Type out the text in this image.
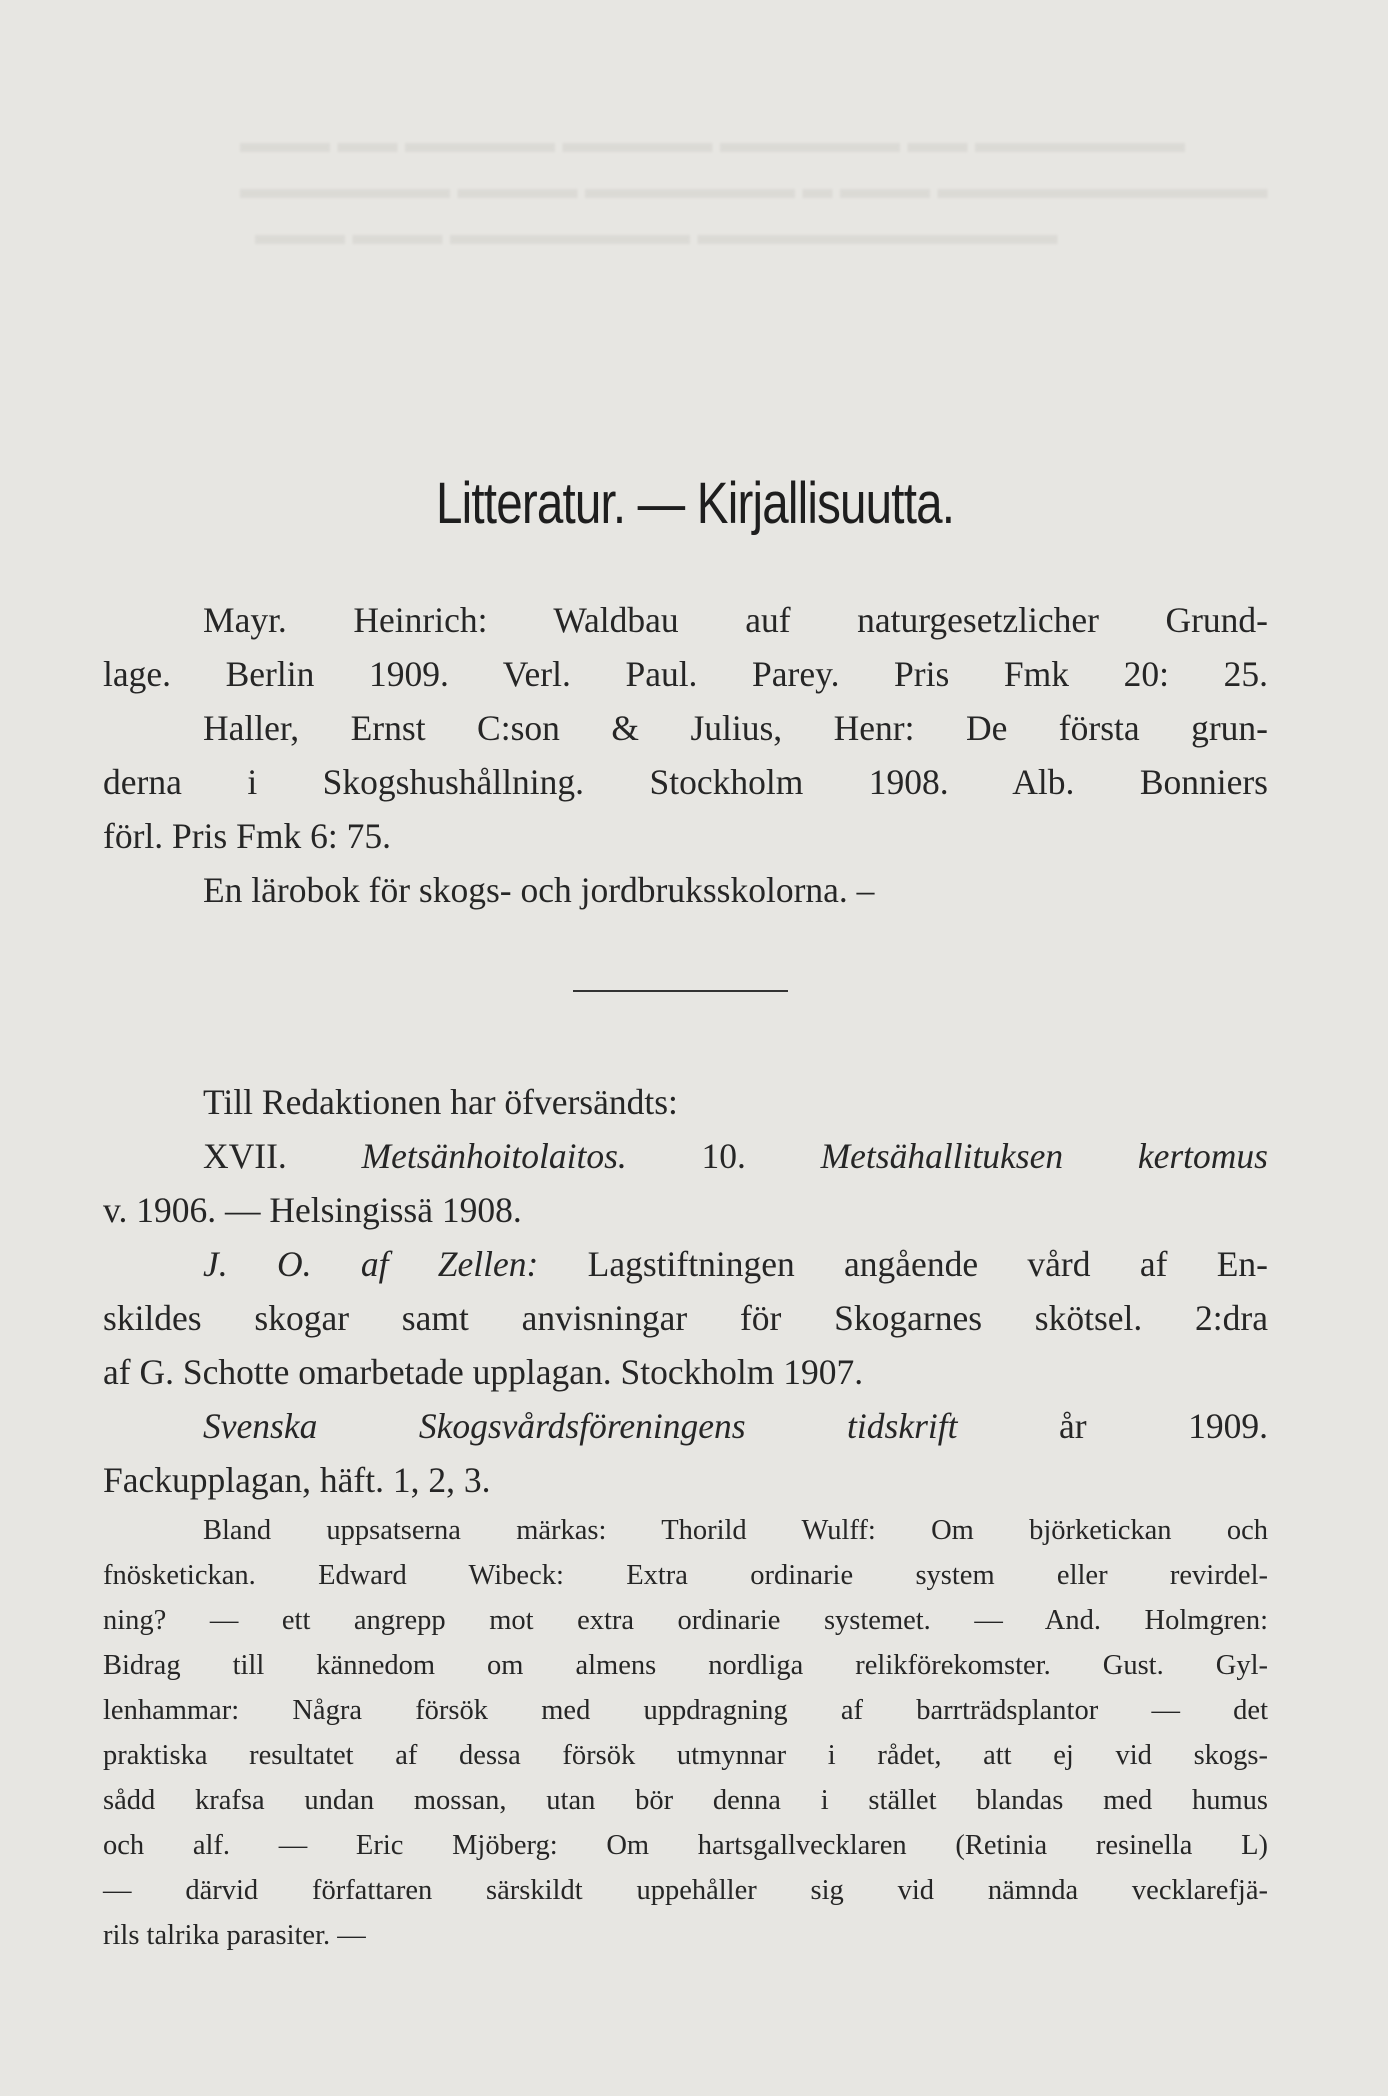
▬▬▬ ▬▬ ▬▬▬▬▬ ▬▬▬▬▬ ▬▬▬▬▬▬ ▬▬ ▬▬▬▬▬▬▬
▬▬▬▬▬▬▬ ▬▬▬▬ ▬▬▬▬▬▬▬ ▬ ▬▬▬ ▬▬▬▬▬▬▬▬▬▬▬
▬▬▬ ▬▬▬ ▬▬▬▬▬▬▬▬ ▬▬▬▬▬▬▬▬▬▬▬▬
Litteratur. — Kirjallisuutta.
Mayr. Heinrich: Waldbau auf naturgesetzlicher Grund-
lage. Berlin 1909. Verl. Paul. Parey. Pris Fmk 20: 25.
Haller, Ernst C:son & Julius, Henr: De första grun-
derna i Skogshushållning. Stockholm 1908. Alb. Bonniers
förl. Pris Fmk 6: 75.
En lärobok för skogs- och jordbruksskolorna. –
Till Redaktionen har öfversändts:
XVII. Metsänhoitolaitos. 10. Metsähallituksen kertomus
v. 1906. — Helsingissä 1908.
J. O. af Zellen: Lagstiftningen angående vård af En-
skildes skogar samt anvisningar för Skogarnes skötsel. 2:dra
af G. Schotte omarbetade upplagan. Stockholm 1907.
Svenska Skogsvårdsföreningens tidskrift	år 1909.
Fackupplagan, häft. 1, 2, 3.
Bland uppsatserna märkas: Thorild Wulff: Om björketickan och
fnösketickan. Edward Wibeck: Extra ordinarie system eller revirdel-
ning? — ett angrepp mot extra ordinarie systemet. — And. Holmgren:
Bidrag till kännedom om almens nordliga relikförekomster. Gust. Gyl-
lenhammar: Några försök med uppdragning af barrträdsplantor — det
praktiska resultatet af dessa försök utmynnar i rådet, att ej vid skogs-
sådd krafsa undan mossan, utan bör denna i stället blandas med humus
och alf. — Eric Mjöberg: Om hartsgallvecklaren (Retinia resinella L)
— därvid författaren särskildt uppehåller sig vid nämnda vecklarefjä-
rils talrika parasiter. —
